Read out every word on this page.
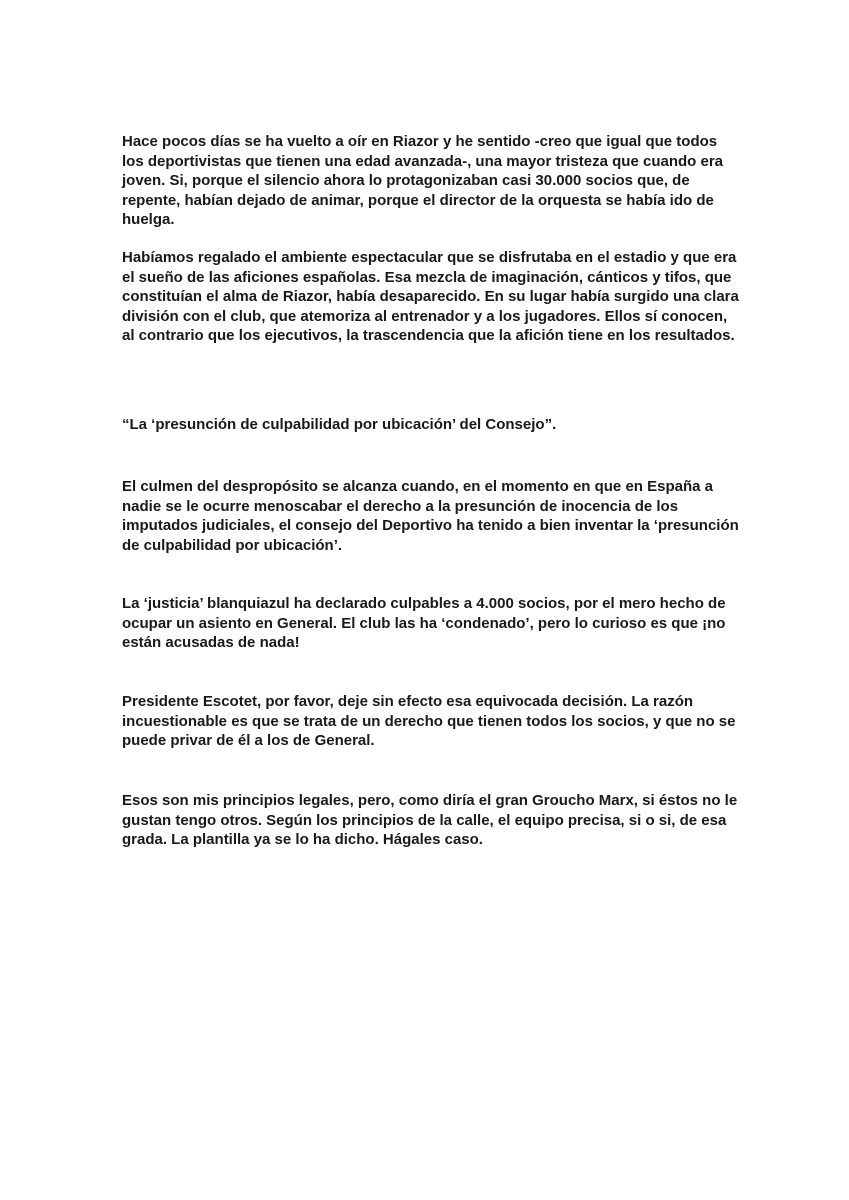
Hace pocos días se ha vuelto a oír en Riazor y he sentido -creo que igual que todos los deportivistas que tienen una edad avanzada-, una mayor tristeza que cuando era joven. Si, porque el silencio ahora lo protagonizaban casi 30.000 socios que, de repente, habían dejado de animar, porque el director de la orquesta se había ido de huelga.

Habíamos regalado el ambiente espectacular que se disfrutaba en el estadio y que era el sueño de las aficiones españolas. Esa mezcla de imaginación, cánticos y tifos, que constituían el alma de Riazor, había desaparecido. En su lugar había surgido una clara división con el club, que atemoriza al entrenador y a los jugadores. Ellos sí conocen, al contrario que los ejecutivos, la trascendencia que la afición tiene en los resultados.

“La ‘presunción de culpabilidad por ubicación’ del Consejo”.

El culmen del despropósito se alcanza cuando, en el momento en que en España a nadie se le ocurre menoscabar el derecho a la presunción de inocencia de los imputados judiciales, el consejo del Deportivo ha tenido a bien inventar la ‘presunción de culpabilidad por ubicación’.

La ‘justicia’ blanquiazul ha declarado culpables a 4.000 socios, por el mero hecho de ocupar un asiento en General. El club las ha ‘condenado’, pero lo curioso es que ¡no están acusadas de nada!

Presidente Escotet, por favor, deje sin efecto esa equivocada decisión. La razón incuestionable es que se trata de un derecho que tienen todos los socios, y que no se puede privar de él a los de General.

Esos son mis principios legales, pero, como diría el gran Groucho Marx, si éstos no le gustan tengo otros. Según los principios de la calle, el equipo precisa, si o si, de esa grada. La plantilla ya se lo ha dicho. Hágales caso.
